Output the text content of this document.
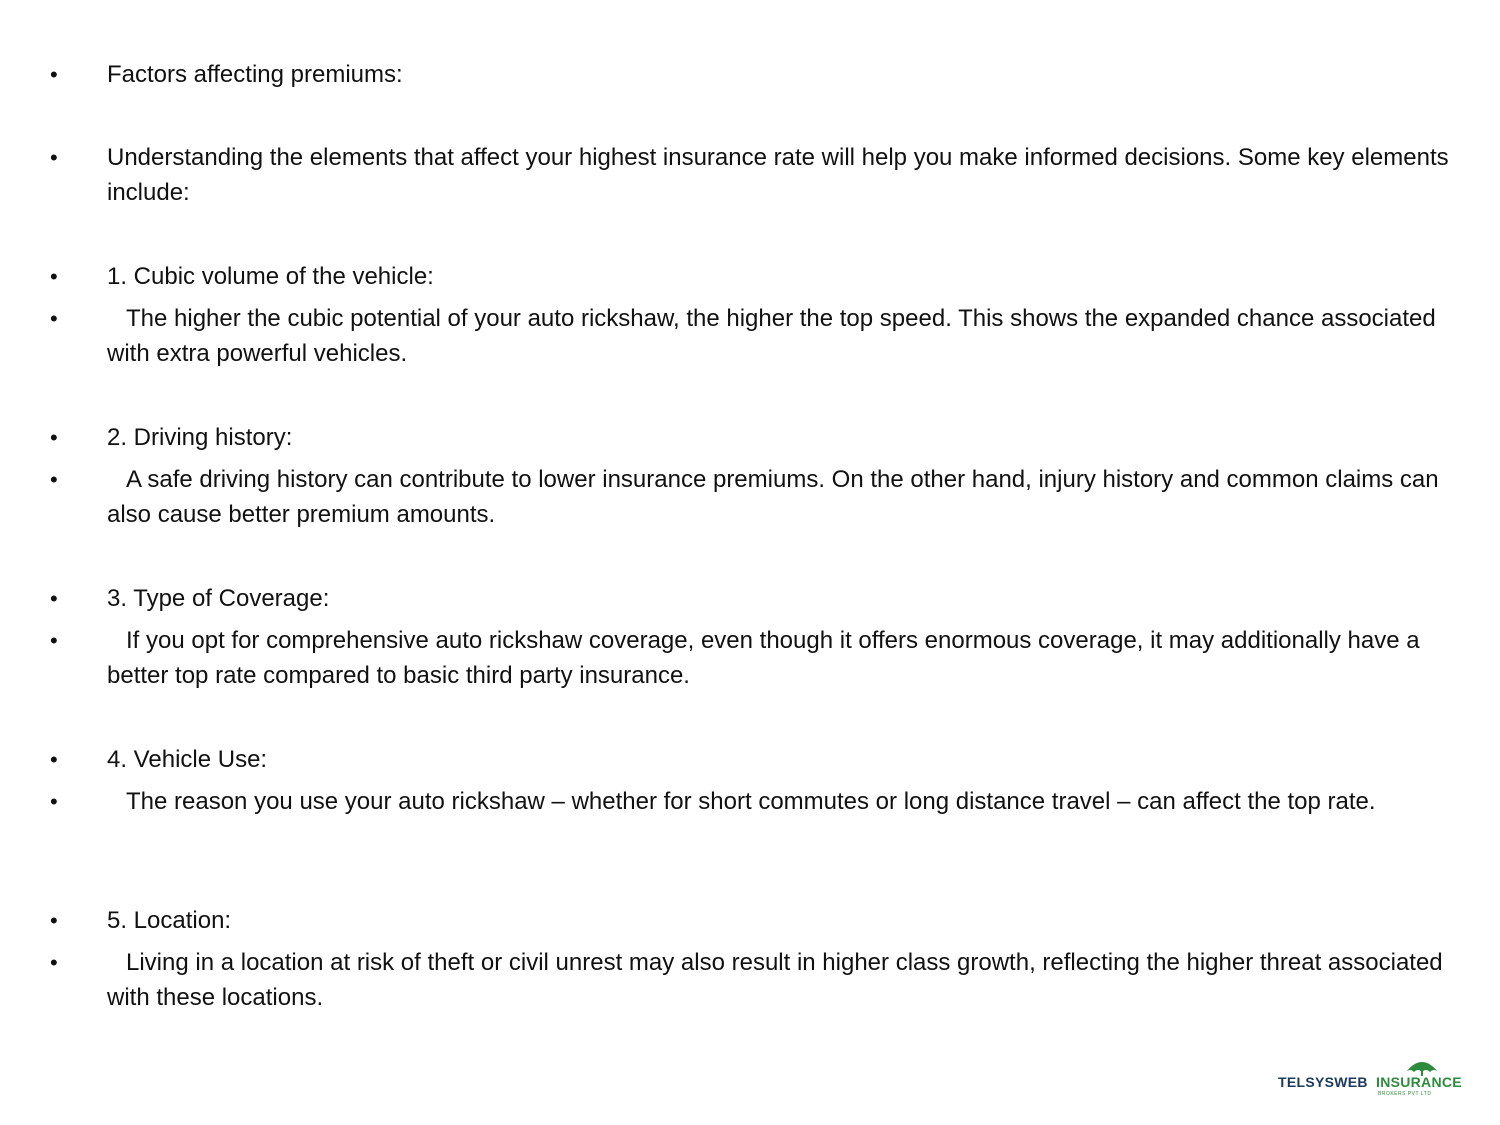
• Factors affecting premiums:
• Understanding the elements that affect your highest insurance rate will help you make informed decisions. Some key elements include:
• 1. Cubic volume of the vehicle:
•	The higher the cubic potential of your auto rickshaw, the higher the top speed. This shows the expanded chance associated with extra powerful vehicles.
• 2. Driving history:
•	A safe driving history can contribute to lower insurance premiums. On the other hand, injury history and common claims can also cause better premium amounts.
• 3. Type of Coverage:
•	If you opt for comprehensive auto rickshaw coverage, even though it offers enormous coverage, it may additionally have a better top rate compared to basic third party insurance.
• 4. Vehicle Use:
•	The reason you use your auto rickshaw – whether for short commutes or long distance travel – can affect the top rate.
• 5. Location:
•	Living in a location at risk of theft or civil unrest may also result in higher class growth, reflecting the higher threat associated with these locations.
TELSYSWEB INSURANCE
BROKERS PVT LTD
